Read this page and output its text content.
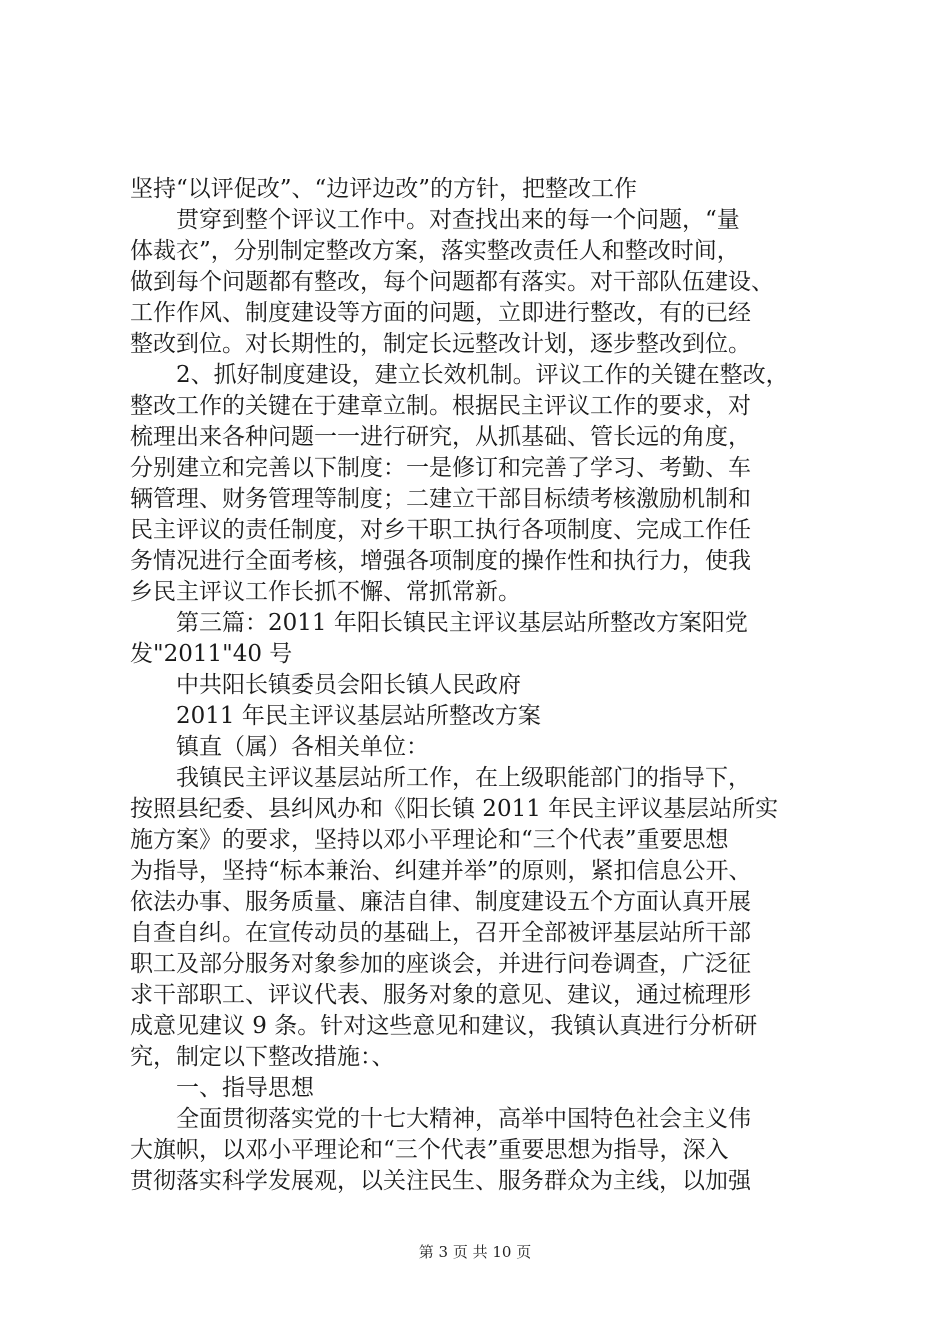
坚持“以评促改”、“边评边改”的方针，把整改工作
　　贯穿到整个评议工作中。对查找出来的每一个问题，“量
体裁衣”，分别制定整改方案，落实整改责任人和整改时间，
做到每个问题都有整改，每个问题都有落实。对干部队伍建设、
工作作风、制度建设等方面的问题，立即进行整改，有的已经
整改到位。对长期性的，制定长远整改计划，逐步整改到位。
　　2、抓好制度建设，建立长效机制。评议工作的关键在整改，
整改工作的关键在于建章立制。根据民主评议工作的要求，对
梳理出来各种问题一一进行研究，从抓基础、管长远的角度，
分别建立和完善以下制度：一是修订和完善了学习、考勤、车
辆管理、财务管理等制度；二建立干部目标绩考核激励机制和
民主评议的责任制度，对乡干职工执行各项制度、完成工作任
务情况进行全面考核，增强各项制度的操作性和执行力，使我
乡民主评议工作长抓不懈、常抓常新。
　　第三篇：2011 年阳长镇民主评议基层站所整改方案阳党
发"2011"40 号
　　中共阳长镇委员会阳长镇人民政府
　　2011 年民主评议基层站所整改方案
　　镇直（属）各相关单位：
　　我镇民主评议基层站所工作，在上级职能部门的指导下，
按照县纪委、县纠风办和《阳长镇 2011 年民主评议基层站所实
施方案》的要求，坚持以邓小平理论和“三个代表”重要思想
为指导，坚持“标本兼治、纠建并举”的原则，紧扣信息公开、
依法办事、服务质量、廉洁自律、制度建设五个方面认真开展
自查自纠。在宣传动员的基础上，召开全部被评基层站所干部
职工及部分服务对象参加的座谈会，并进行问卷调查，广泛征
求干部职工、评议代表、服务对象的意见、建议，通过梳理形
成意见建议 9 条。针对这些意见和建议，我镇认真进行分析研
究，制定以下整改措施：、
　　一、指导思想
　　全面贯彻落实党的十七大精神，高举中国特色社会主义伟
大旗帜，以邓小平理论和“三个代表”重要思想为指导，深入
贯彻落实科学发展观，以关注民生、服务群众为主线，以加强
第 3 页 共 10 页
